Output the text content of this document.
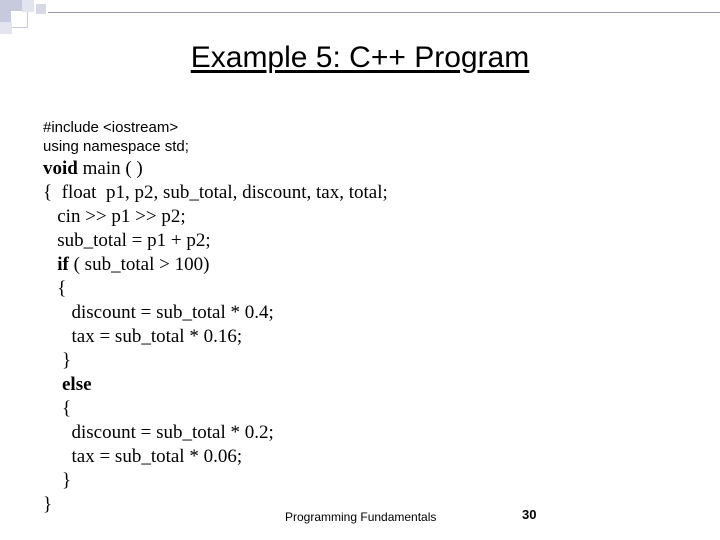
Example 5: C++ Program
#include <iostream>
using namespace std;
void main ( )
{  float  p1, p2, sub_total, discount, tax, total;
cin >> p1 >> p2;
sub_total = p1 + p2;
if ( sub_total > 100)
{
discount = sub_total * 0.4;
tax = sub_total * 0.16;
}
else
{
discount = sub_total * 0.2;
tax = sub_total * 0.06;
}
}
Programming Fundamentals	30
